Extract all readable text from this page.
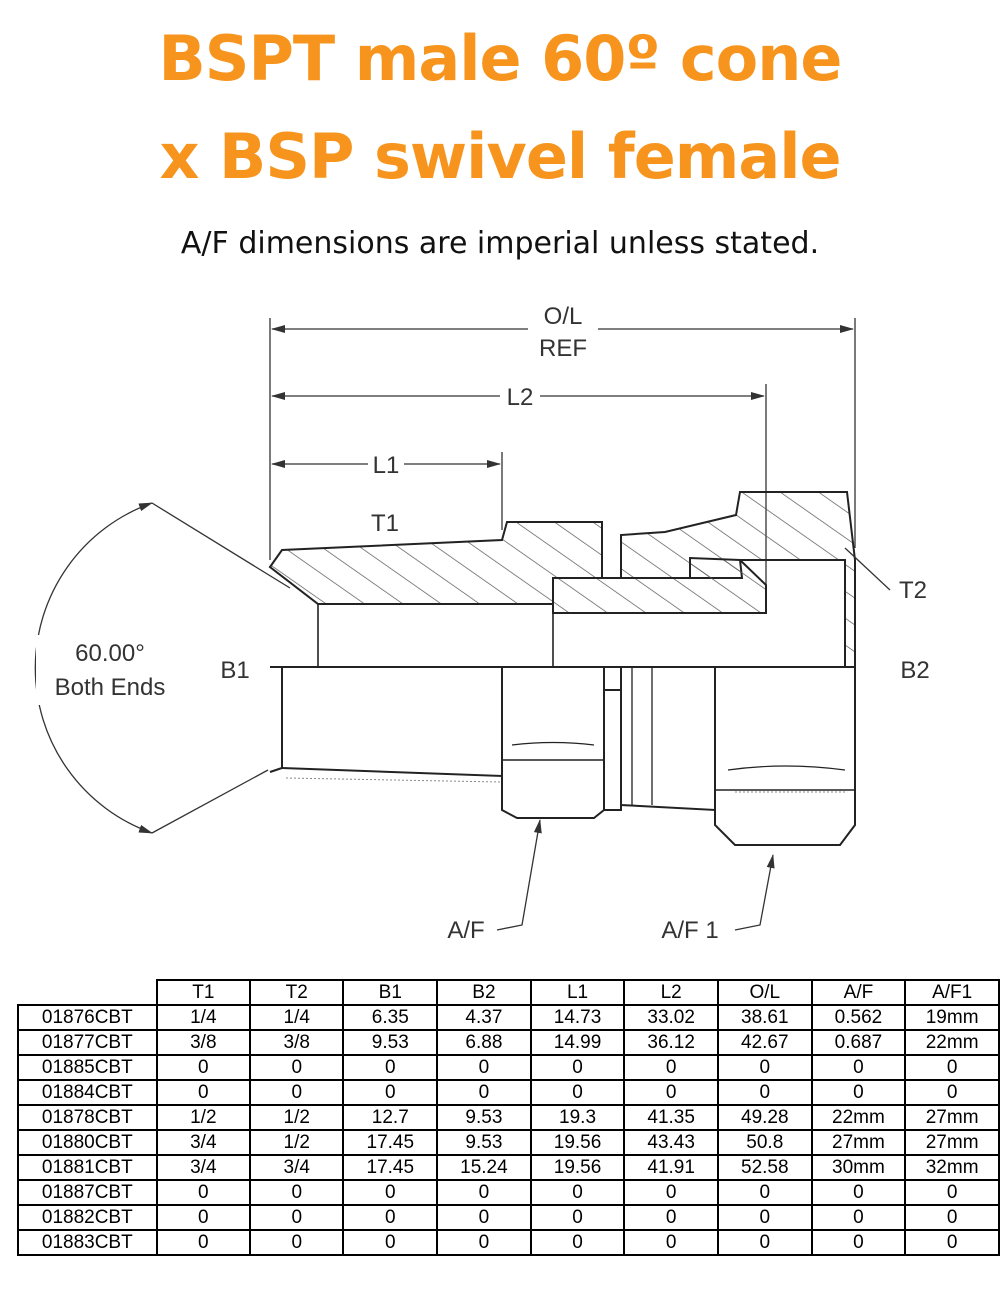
BSPT male 60º cone
x BSP swivel female
A/F dimensions are imperial unless stated.
O/L
REF
L2
L1
T1
60.00°
Both Ends
B1	B2
T2
A/F	A/F 1
	T1	T2	B1	B2	L1	L2	O/L	A/F	A/F1
01876CBT	1/4	1/4	6.35	4.37	14.73	33.02	38.61	0.562	19mm
01877CBT	3/8	3/8	9.53	6.88	14.99	36.12	42.67	0.687	22mm
01885CBT	0	0	0	0	0	0	0	0	0
01884CBT	0	0	0	0	0	0	0	0	0
01878CBT	1/2	1/2	12.7	9.53	19.3	41.35	49.28	22mm	27mm
01880CBT	3/4	1/2	17.45	9.53	19.56	43.43	50.8	27mm	27mm
01881CBT	3/4	3/4	17.45	15.24	19.56	41.91	52.58	30mm	32mm
01887CBT	0	0	0	0	0	0	0	0	0
01882CBT	0	0	0	0	0	0	0	0	0
01883CBT	0	0	0	0	0	0	0	0	0
